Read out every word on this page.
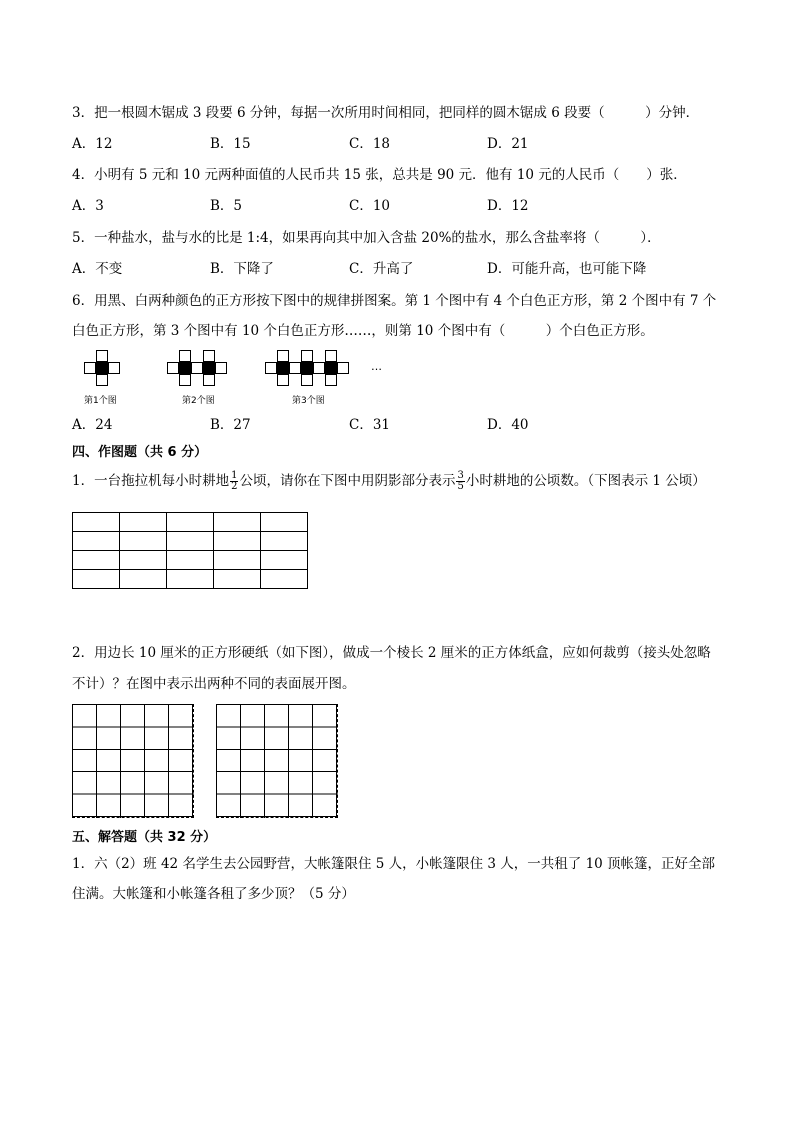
3．把一根圆木锯成 3 段要 6 分钟，每据一次所用时间相同，把同样的圆木锯成 6 段要（　　　）分钟．
A．12	B．15	C．18	D．21
4．小明有 5 元和 10 元两种面值的人民币共 15 张，总共是 90 元．他有 10 元的人民币（　　）张．
A．3	B．5	C．10	D．12
5．一种盐水，盐与水的比是 1:4，如果再向其中加入含盐 20%的盐水，那么含盐率将（　　　）．
A．不变	B．下降了	C．升高了	D．可能升高，也可能下降
6．用黑、白两种颜色的正方形按下图中的规律拼图案。第 1 个图中有 4 个白色正方形，第 2 个图中有 7 个
白色正方形，第 3 个图中有 10 个白色正方形……，则第 10 个图中有（　　　）个白色正方形。
第1个图	第2个图	第3个图
…
A．24	B．27	C．31	D．40
四、作图题（共 6 分）
1．一台拖拉机每小时耕地 $\frac{1}{2}$ 公顷，请你在下图中用阴影部分表示 $\frac{3}{5}$ 小时耕地的公顷数。（下图表示 1 公顷）

2．用边长 10 厘米的正方形硬纸（如下图），做成一个棱长 2 厘米的正方体纸盒，应如何裁剪（接头处忽略
不计）？在图中表示出两种不同的表面展开图。
五、解答题（共 32 分）
1．六（2）班 42 名学生去公园野营，大帐篷限住 5 人，小帐篷限住 3 人，一共租了 10 顶帐篷，正好全部
住满。大帐篷和小帐篷各租了多少顶？（5 分）
